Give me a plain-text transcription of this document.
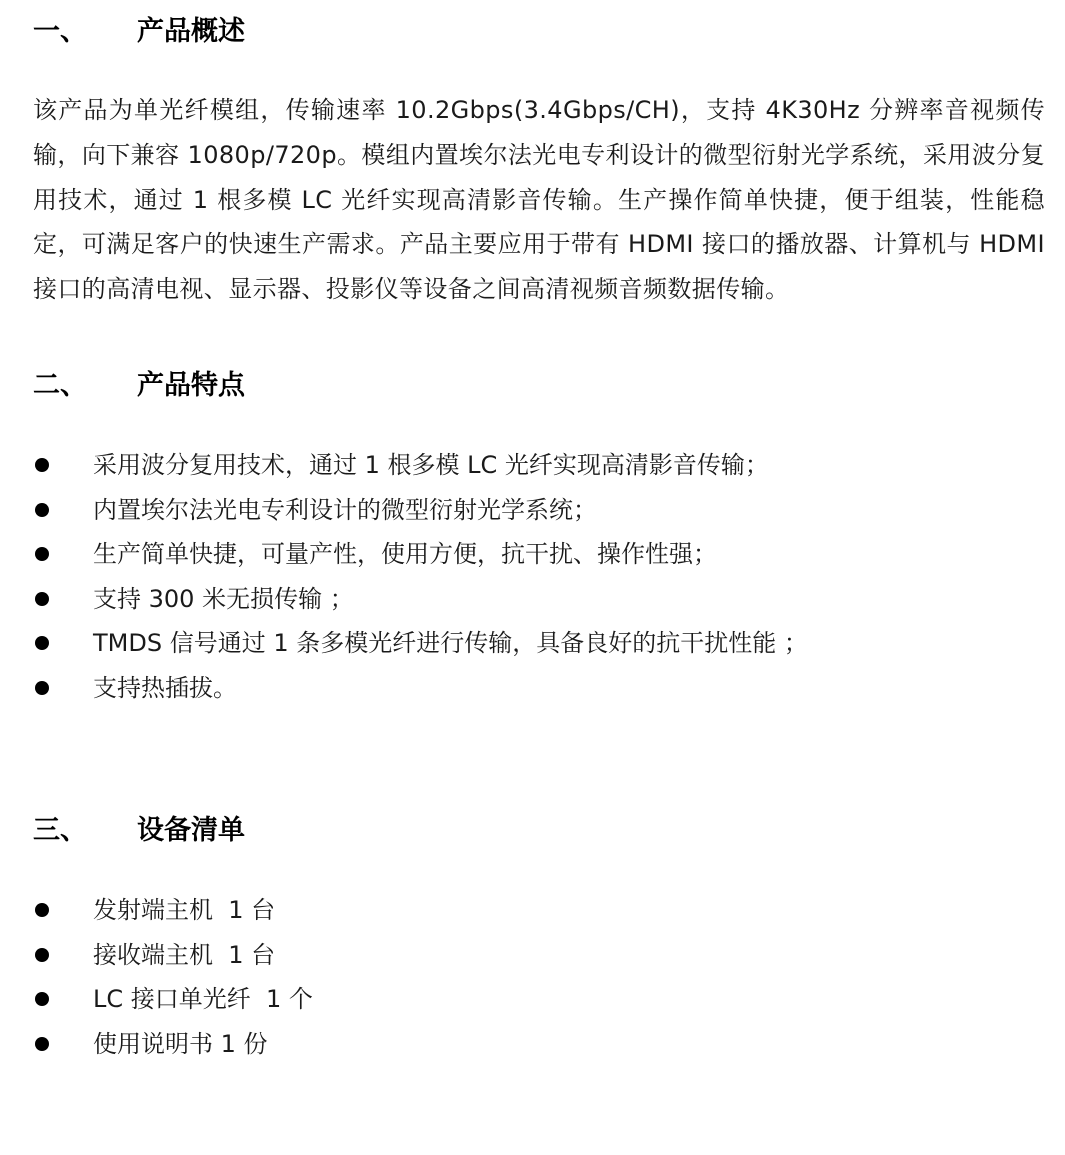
一、	产品概述

该产品为单光纤模组，传输速率 10.2Gbps(3.4Gbps/CH)，支持 4K30Hz 分辨率音视频传输，向下兼容 1080p/720p。模组内置埃尔法光电专利设计的微型衍射光学系统，采用波分复用技术，通过 1 根多模 LC 光纤实现高清影音传输。生产操作简单快捷，便于组装，性能稳定，可满足客户的快速生产需求。产品主要应用于带有 HDMI 接口的播放器、计算机与 HDMI 接口的高清电视、显示器、投影仪等设备之间高清视频音频数据传输。

二、	产品特点
采用波分复用技术，通过 1 根多模 LC 光纤实现高清影音传输；
内置埃尔法光电专利设计的微型衍射光学系统；
生产简单快捷，可量产性，使用方便，抗干扰、操作性强；
支持 300 米无损传输 ；
TMDS 信号通过 1 条多模光纤进行传输，具备良好的抗干扰性能 ；
支持热插拔。
三、	设备清单
发射端主机  1 台
接收端主机  1 台
LC 接口单光纤  1 个
使用说明书 1 份
